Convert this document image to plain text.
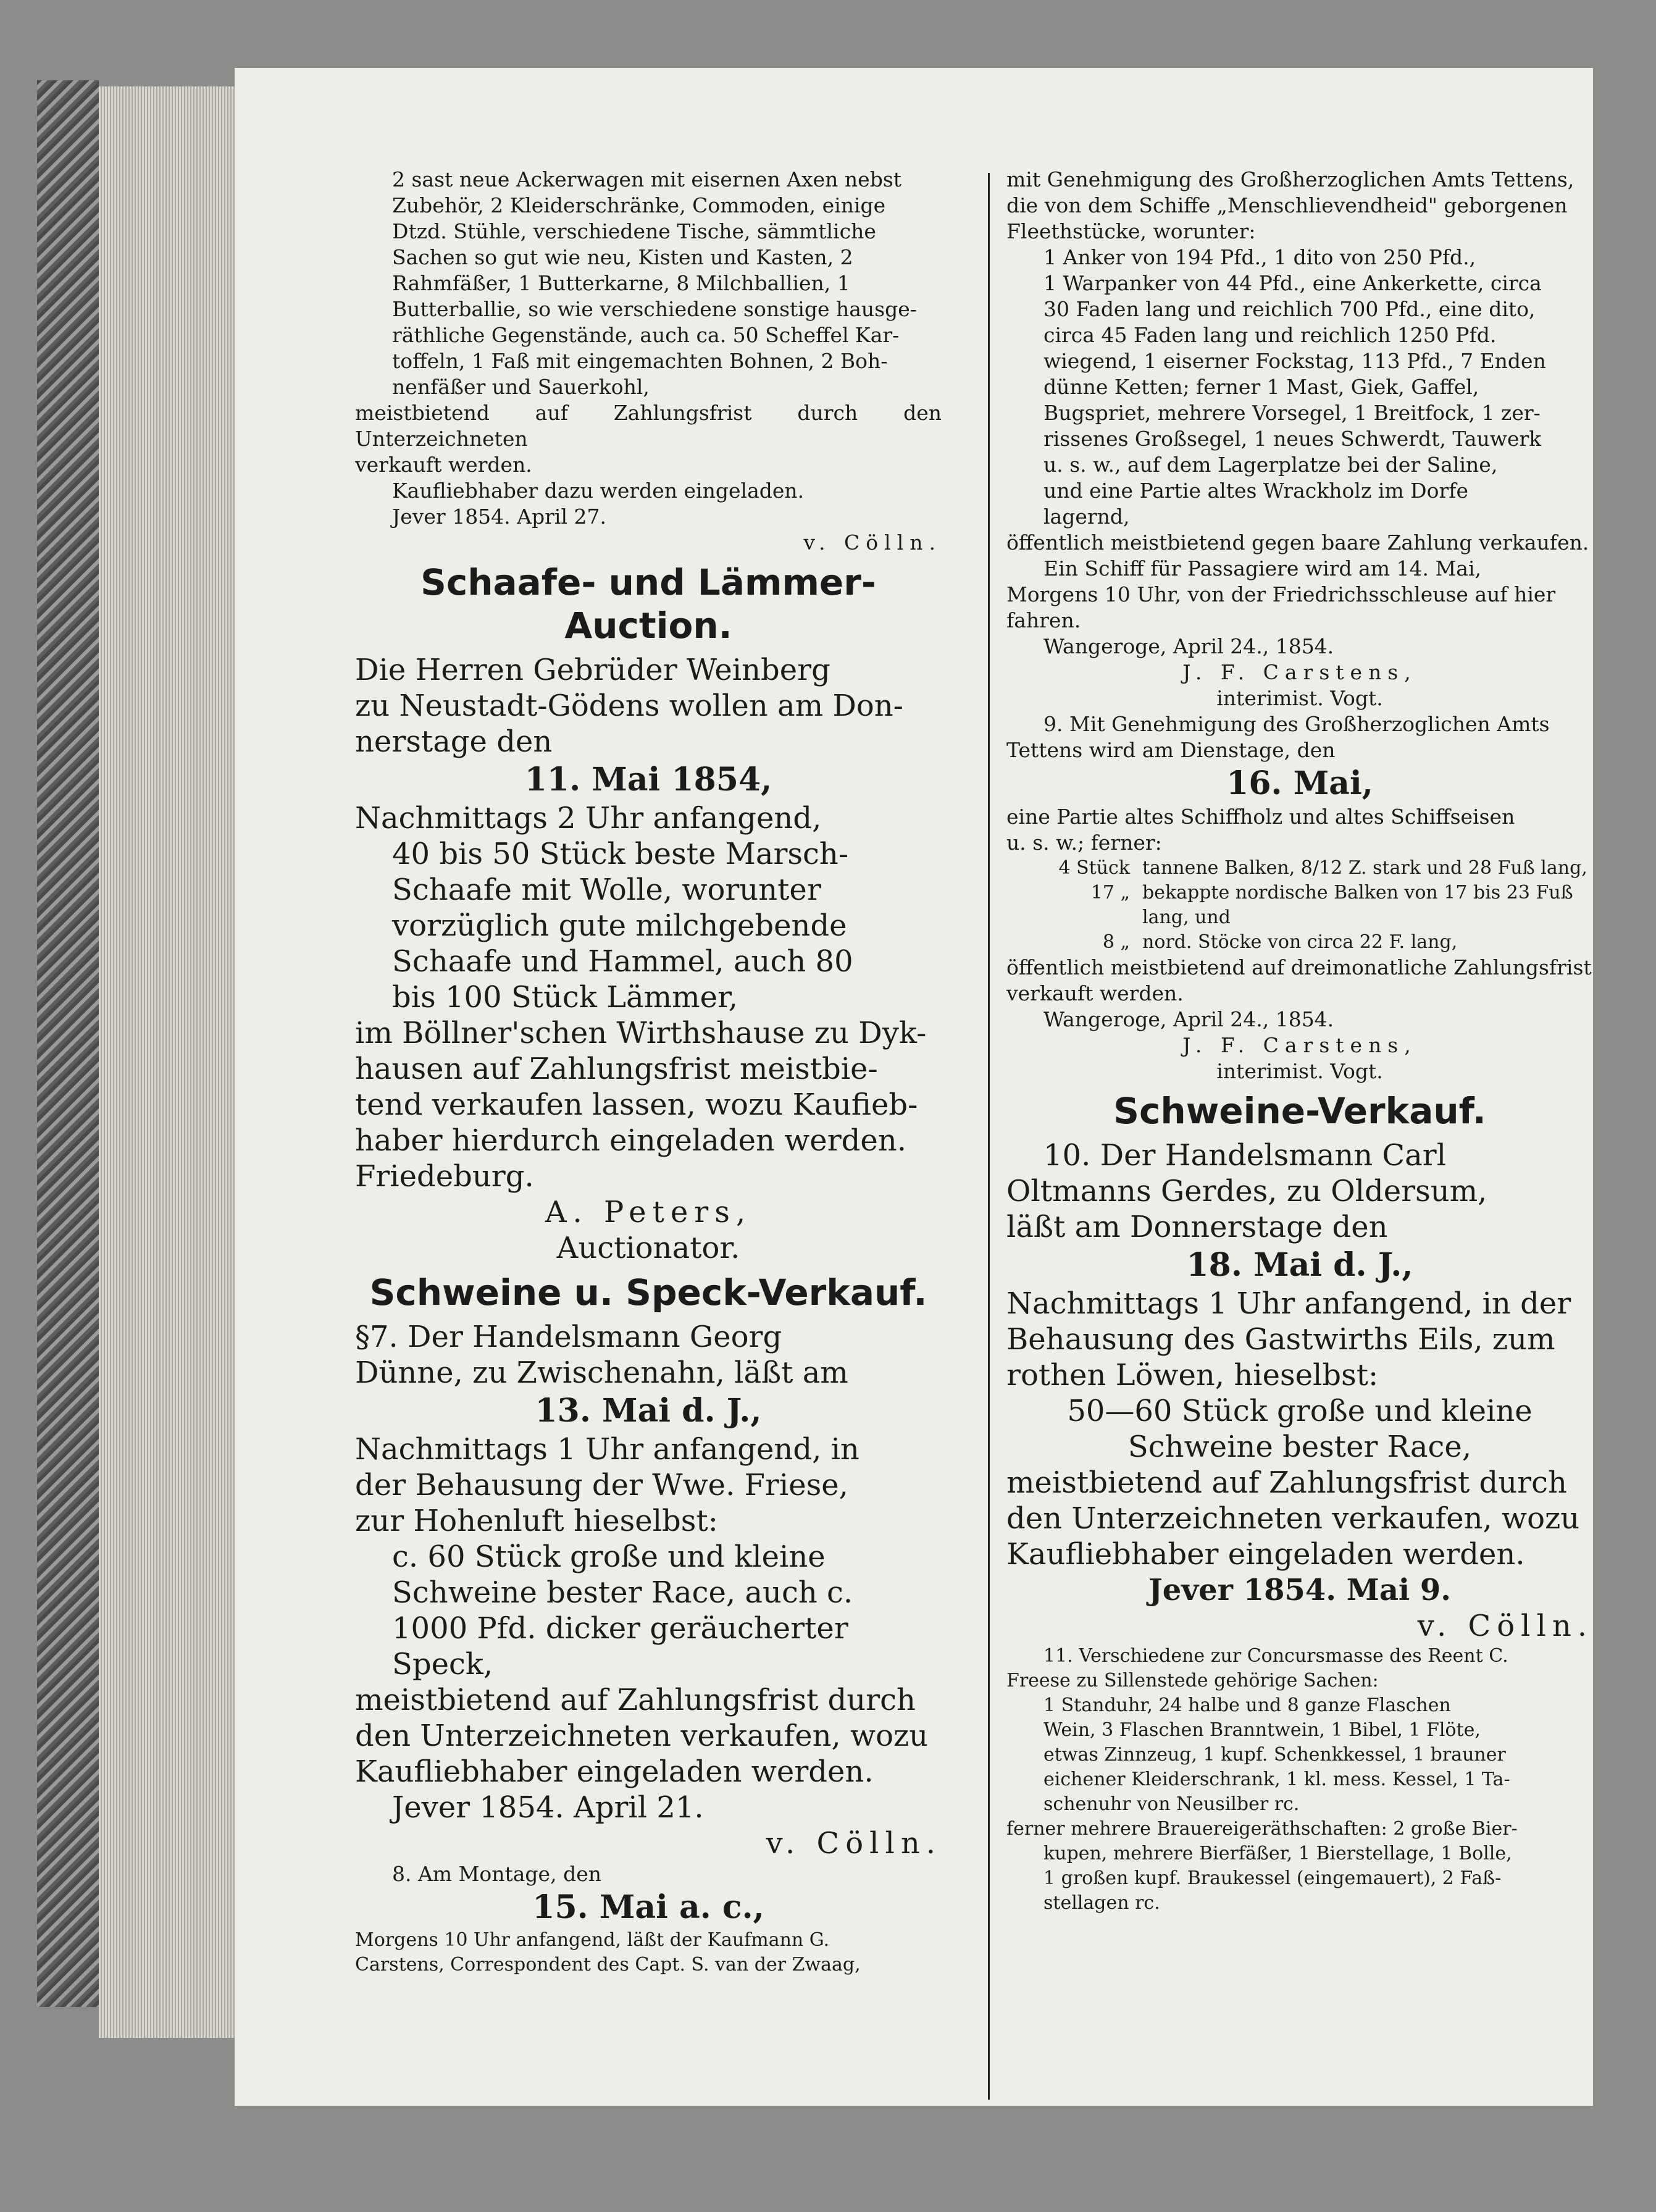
2 sast neue Ackerwagen mit eisernen Axen nebst

Zubehör, 2 Kleiderschränke, Commoden, einige

Dtzd. Stühle, verschiedene Tische, sämmtliche

Sachen so gut wie neu, Kisten und Kasten, 2

Rahmfäßer, 1 Butterkarne, 8 Milchballien, 1

Butterballie, so wie verschiedene sonstige hausge-

räthliche Gegenstände, auch ca. 50 Scheffel Kar-

toffeln, 1 Faß mit eingemachten Bohnen, 2 Boh-

nenfäßer und Sauerkohl,

meistbietend auf Zahlungsfrist durch den Unterzeichneten

verkauft werden.

Kaufliebhaber dazu werden eingeladen.

Jever 1854. April 27.

v. Cölln.

Schaafe- und Lämmer-
Auction.

Die Herren Gebrüder Weinberg

zu Neustadt-Gödens wollen am Don-

nerstage den

11. Mai 1854,

Nachmittags 2 Uhr anfangend,

40 bis 50 Stück beste Marsch-

Schaafe mit Wolle, worunter

vorzüglich gute milchgebende

Schaafe und Hammel, auch 80

bis 100 Stück Lämmer,

im Böllner'schen Wirthshause zu Dyk-

hausen auf Zahlungsfrist meistbie-

tend verkaufen lassen, wozu Kaufieb-

haber hierdurch eingeladen werden.

Friedeburg.

A. Peters,

Auctionator.

Schweine u. Speck-Verkauf.

§7. Der Handelsmann Georg

Dünne, zu Zwischenahn, läßt am

13. Mai d. J.,

Nachmittags 1 Uhr anfangend, in

der Behausung der Wwe. Friese,

zur Hohenluft hieselbst:

c. 60 Stück große und kleine

Schweine bester Race, auch c.

1000 Pfd. dicker geräucherter

Speck,

meistbietend auf Zahlungsfrist durch

den Unterzeichneten verkaufen, wozu

Kaufliebhaber eingeladen werden.

Jever 1854. April 21.

v. Cölln.

8. Am Montage, den

15. Mai a. c.,

Morgens 10 Uhr anfangend, läßt der Kaufmann G.

Carstens, Correspondent des Capt. S. van der Zwaag,

mit Genehmigung des Großherzoglichen Amts Tettens,

die von dem Schiffe „Menschlievendheid" geborgenen

Fleethstücke, worunter:

1 Anker von 194 Pfd., 1 dito von 250 Pfd.,

1 Warpanker von 44 Pfd., eine Ankerkette, circa

30 Faden lang und reichlich 700 Pfd., eine dito,

circa 45 Faden lang und reichlich 1250 Pfd.

wiegend, 1 eiserner Fockstag, 113 Pfd., 7 Enden

dünne Ketten; ferner 1 Mast, Giek, Gaffel,

Bugspriet, mehrere Vorsegel, 1 Breitfock, 1 zer-

rissenes Großsegel, 1 neues Schwerdt, Tauwerk

u. s. w., auf dem Lagerplatze bei der Saline,

und eine Partie altes Wrackholz im Dorfe

lagernd,

öffentlich meistbietend gegen baare Zahlung verkaufen.

Ein Schiff für Passagiere wird am 14. Mai,

Morgens 10 Uhr, von der Friedrichsschleuse auf hier

fahren.

Wangeroge, April 24., 1854.

J. F. Carstens,

interimist. Vogt.

9. Mit Genehmigung des Großherzoglichen Amts

Tettens wird am Dienstage, den

16. Mai,

eine Partie altes Schiffholz und altes Schiffseisen

u. s. w.; ferner:

4 Stück tannene Balken, 8/12 Z. stark und 28 Fuß lang,
17 „ bekappte nordische Balken von 17 bis 23 Fuß lang, und
8 „ nord. Stöcke von circa 22 F. lang,

öffentlich meistbietend auf dreimonatliche Zahlungsfrist

verkauft werden.

Wangeroge, April 24., 1854.

J. F. Carstens,

interimist. Vogt.

Schweine-Verkauf.

10. Der Handelsmann Carl

Oltmanns Gerdes, zu Oldersum,

läßt am Donnerstage den

18. Mai d. J.,

Nachmittags 1 Uhr anfangend, in der

Behausung des Gastwirths Eils, zum

rothen Löwen, hieselbst:

50—60 Stück große und kleine

Schweine bester Race,

meistbietend auf Zahlungsfrist durch

den Unterzeichneten verkaufen, wozu

Kaufliebhaber eingeladen werden.

Jever 1854. Mai 9.

v. Cölln.

11. Verschiedene zur Concursmasse des Reent C.

Freese zu Sillenstede gehörige Sachen:

1 Standuhr, 24 halbe und 8 ganze Flaschen

Wein, 3 Flaschen Branntwein, 1 Bibel, 1 Flöte,

etwas Zinnzeug, 1 kupf. Schenkkessel, 1 brauner

eichener Kleiderschrank, 1 kl. mess. Kessel, 1 Ta-

schenuhr von Neusilber rc.

ferner mehrere Brauereigeräthschaften: 2 große Bier-

kupen, mehrere Bierfäßer, 1 Bierstellage, 1 Bolle,

1 großen kupf. Braukessel (eingemauert), 2 Faß-

stellagen rc.
